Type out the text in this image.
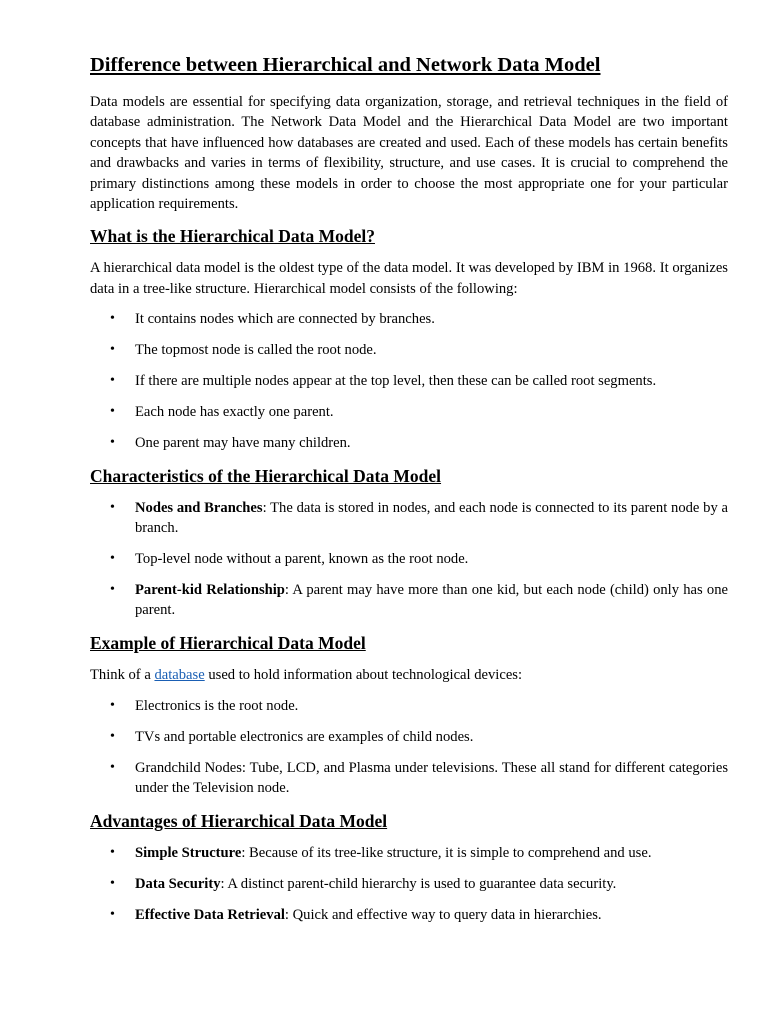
Difference between Hierarchical and Network Data Model

Data models are essential for specifying data organization, storage, and retrieval techniques in the field of database administration. The Network Data Model and the Hierarchical Data Model are two important concepts that have influenced how databases are created and used. Each of these models has certain benefits and drawbacks and varies in terms of flexibility, structure, and use cases. It is crucial to comprehend the primary distinctions among these models in order to choose the most appropriate one for your particular application requirements.

What is the Hierarchical Data Model?

A hierarchical data model is the oldest type of the data model. It was developed by IBM in 1968. It organizes data in a tree-like structure. Hierarchical model consists of the following:

• It contains nodes which are connected by branches.
• The topmost node is called the root node.
• If there are multiple nodes appear at the top level, then these can be called root segments.
• Each node has exactly one parent.
• One parent may have many children.
Characteristics of the Hierarchical Data Model
• Nodes and Branches: The data is stored in nodes, and each node is connected to its parent node by a branch.
• Top-level node without a parent, known as the root node.
• Parent-kid Relationship: A parent may have more than one kid, but each node (child) only has one parent.
Example of Hierarchical Data Model

Think of a database used to hold information about technological devices:

• Electronics is the root node.
• TVs and portable electronics are examples of child nodes.
• Grandchild Nodes: Tube, LCD, and Plasma under televisions. These all stand for different categories under the Television node.
Advantages of Hierarchical Data Model
• Simple Structure: Because of its tree-like structure, it is simple to comprehend and use.
• Data Security: A distinct parent-child hierarchy is used to guarantee data security.
• Effective Data Retrieval: Quick and effective way to query data in hierarchies.
